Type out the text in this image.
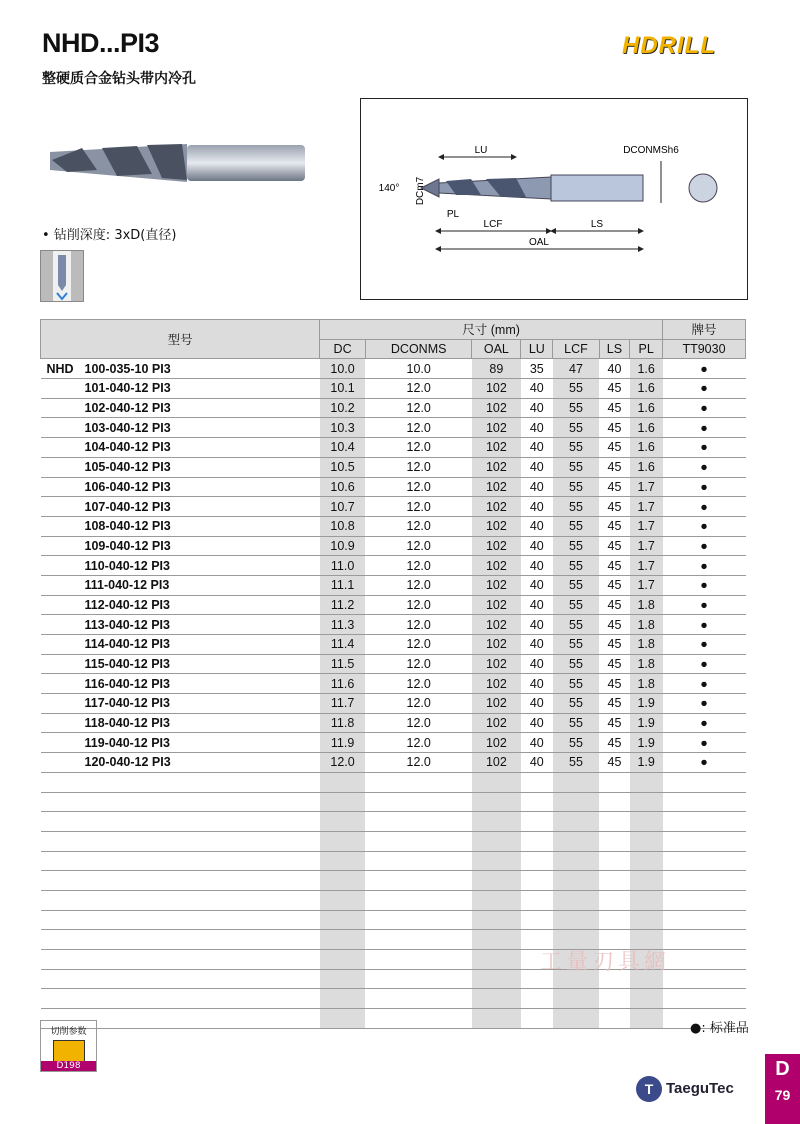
NHD...PI3
整硬质合金钻头带内冷孔
HDRILL
• 钻削深度: 3xD(直径)
LU	DCONMSh6
DCm7
PL
LCF	LS
OAL
140°
型号		尺寸 (mm)							牌号
		DC	DCONMS	OAL	LU	LCF	LS	PL	TT9030
NHD	100-035-10 PI3	10.0	10.0	89	35	47	40	1.6	●
	101-040-12 PI3	10.1	12.0	102	40	55	45	1.6	●
	102-040-12 PI3	10.2	12.0	102	40	55	45	1.6	●
	103-040-12 PI3	10.3	12.0	102	40	55	45	1.6	●
	104-040-12 PI3	10.4	12.0	102	40	55	45	1.6	●
	105-040-12 PI3	10.5	12.0	102	40	55	45	1.6	●
	106-040-12 PI3	10.6	12.0	102	40	55	45	1.7	●
	107-040-12 PI3	10.7	12.0	102	40	55	45	1.7	●
	108-040-12 PI3	10.8	12.0	102	40	55	45	1.7	●
	109-040-12 PI3	10.9	12.0	102	40	55	45	1.7	●
	110-040-12 PI3	11.0	12.0	102	40	55	45	1.7	●
	111-040-12 PI3	11.1	12.0	102	40	55	45	1.7	●
	112-040-12 PI3	11.2	12.0	102	40	55	45	1.8	●
	113-040-12 PI3	11.3	12.0	102	40	55	45	1.8	●
	114-040-12 PI3	11.4	12.0	102	40	55	45	1.8	●
	115-040-12 PI3	11.5	12.0	102	40	55	45	1.8	●
	116-040-12 PI3	11.6	12.0	102	40	55	45	1.8	●
	117-040-12 PI3	11.7	12.0	102	40	55	45	1.9	●
	118-040-12 PI3	11.8	12.0	102	40	55	45	1.9	●
	119-040-12 PI3	11.9	12.0	102	40	55	45	1.9	●
	120-040-12 PI3	12.0	12.0	102	40	55	45	1.9	●

工量刃具網
●: 标准品
切削参数
D198
T TaeguTec
D
79
